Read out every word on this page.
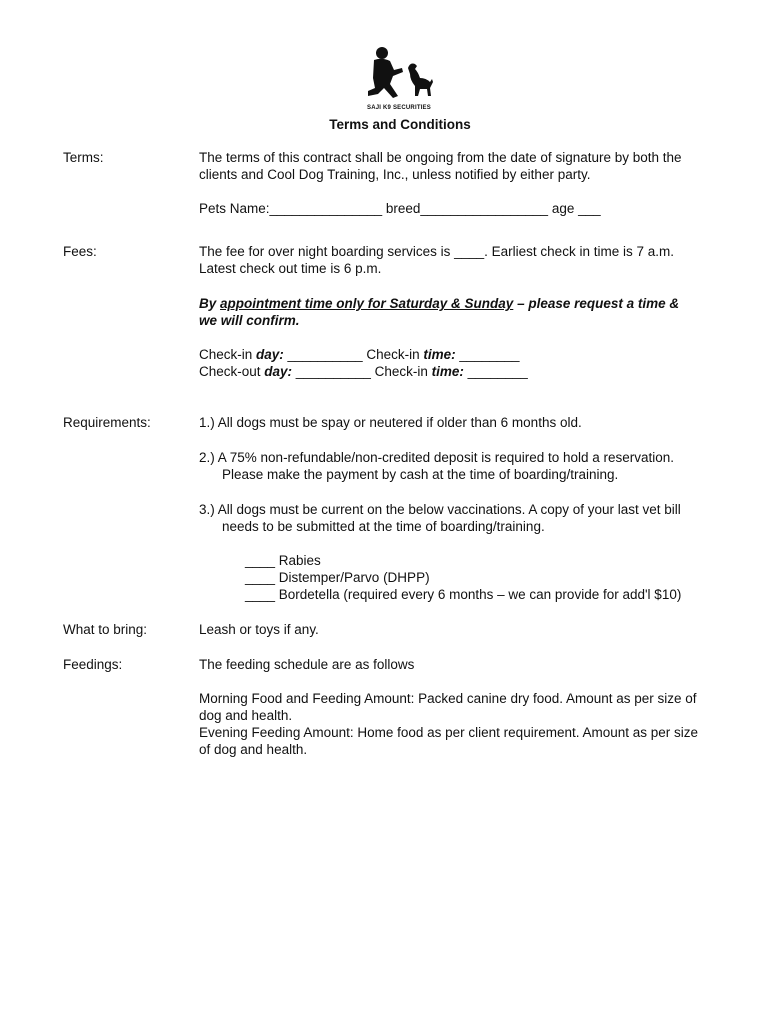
SAJI K9 SECURITIES
Terms and Conditions
Terms:	The terms of this contract shall be ongoing from the date of signature by both the

clients and Cool Dog Training, Inc., unless notified by either party.

Pets Name:_______________ breed_________________ age ___
Fees:	The fee for over night boarding services is ____. Earliest check in time is 7 a.m.

Latest check out time is 6 p.m.

By appointment time only for Saturday & Sunday – please request a time &

we will confirm.

Check-in day: __________ Check-in time: ________

Check-out day: __________ Check-in time: ________

Requirements:	1.) All dogs must be spay or neutered if older than 6 months old.

2.) A 75% non-refundable/non-credited deposit is required to hold a reservation.

Please make the payment by cash at the time of boarding/training.

3.) All dogs must be current on the below vaccinations. A copy of your last vet bill

needs to be submitted at the time of boarding/training.

____ Rabies

____ Distemper/Parvo (DHPP)

____ Bordetella (required every 6 months – we can provide for add'l $10)

What to bring:	Leash or toys if any.
Feedings:	The feeding schedule are as follows

Morning Food and Feeding Amount: Packed canine dry food. Amount as per size of

dog and health.

Evening Feeding Amount: Home food as per client requirement. Amount as per size

of dog and health.
